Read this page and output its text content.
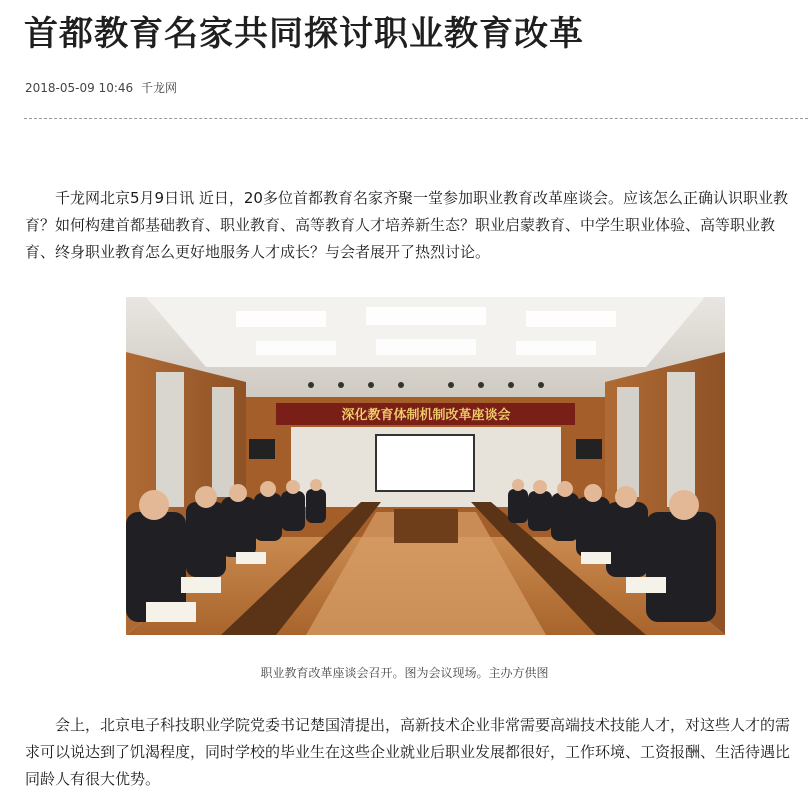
首都教育名家共同探讨职业教育改革
2018-05-09 10:46 千龙网

千龙网北京5月9日讯 近日，20多位首都教育名家齐聚一堂参加职业教育改革座谈会。应该怎么正确认识职业教育？如何构建首都基础教育、职业教育、高等教育人才培养新生态？职业启蒙教育、中学生职业体验、高等职业教育、终身职业教育怎么更好地服务人才成长？与会者展开了热烈讨论。

深化教育体制机制改革座谈会
职业教育改革座谈会召开。图为会议现场。主办方供图

会上，北京电子科技职业学院党委书记楚国清提出，高新技术企业非常需要高端技术技能人才，对这些人才的需求可以说达到了饥渴程度，同时学校的毕业生在这些企业就业后职业发展都很好，工作环境、工资报酬、生活待遇比同龄人有很大优势。
